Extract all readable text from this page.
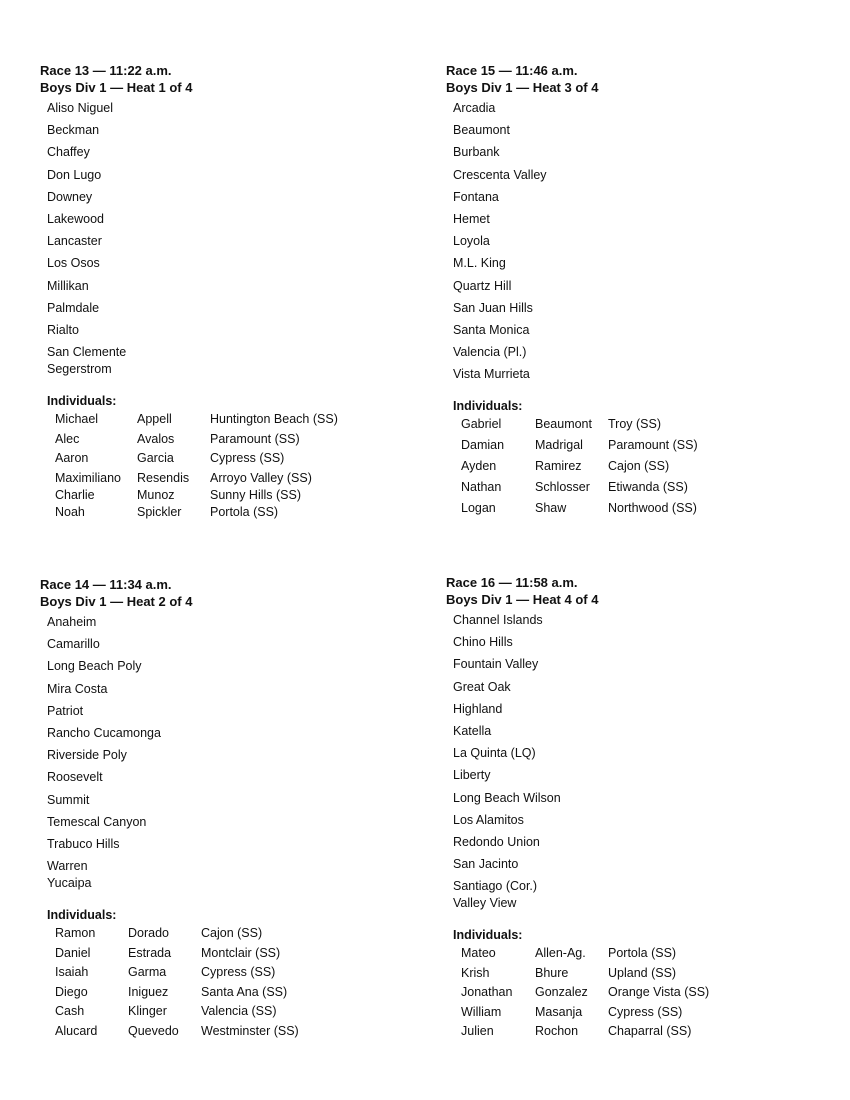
Race 13 — 11:22 a.m.
Boys Div 1 — Heat 1 of 4
Aliso Niguel
Beckman
Chaffey
Don Lugo
Downey
Lakewood
Lancaster
Los Osos
Millikan
Palmdale
Rialto
San Clemente
Segerstrom
Individuals:
Michael	Appell	Huntington Beach (SS)
Alec	Avalos	Paramount (SS)
Aaron	Garcia	Cypress (SS)
Maximiliano	Resendis	Arroyo Valley (SS)
Charlie	Munoz	Sunny Hills (SS)
Noah	Spickler	Portola (SS)
Race 15 — 11:46 a.m.
Boys Div 1 — Heat 3 of 4
Arcadia
Beaumont
Burbank
Crescenta Valley
Fontana
Hemet
Loyola
M.L. King
Quartz Hill
San Juan Hills
Santa Monica
Valencia (Pl.)
Vista Murrieta
Individuals:
Gabriel	Beaumont	Troy (SS)
Damian	Madrigal	Paramount (SS)
Ayden	Ramirez	Cajon (SS)
Nathan	Schlosser	Etiwanda (SS)
Logan	Shaw	Northwood (SS)
Race 14 — 11:34 a.m.
Boys Div 1 — Heat 2 of 4
Anaheim
Camarillo
Long Beach Poly
Mira Costa
Patriot
Rancho Cucamonga
Riverside Poly
Roosevelt
Summit
Temescal Canyon
Trabuco Hills
Warren
Yucaipa
Individuals:
Ramon	Dorado	Cajon (SS)
Daniel	Estrada	Montclair (SS)
Isaiah	Garma	Cypress (SS)
Diego	Iniguez	Santa Ana (SS)
Cash	Klinger	Valencia (SS)
Alucard	Quevedo	Westminster (SS)
Race 16 — 11:58 a.m.
Boys Div 1 — Heat 4 of 4
Channel Islands
Chino Hills
Fountain Valley
Great Oak
Highland
Katella
La Quinta (LQ)
Liberty
Long Beach Wilson
Los Alamitos
Redondo Union
San Jacinto
Santiago (Cor.)
Valley View
Individuals:
Mateo	Allen-Ag.	Portola (SS)
Krish	Bhure	Upland (SS)
Jonathan	Gonzalez	Orange Vista (SS)
William	Masanja	Cypress (SS)
Julien	Rochon	Chaparral (SS)
